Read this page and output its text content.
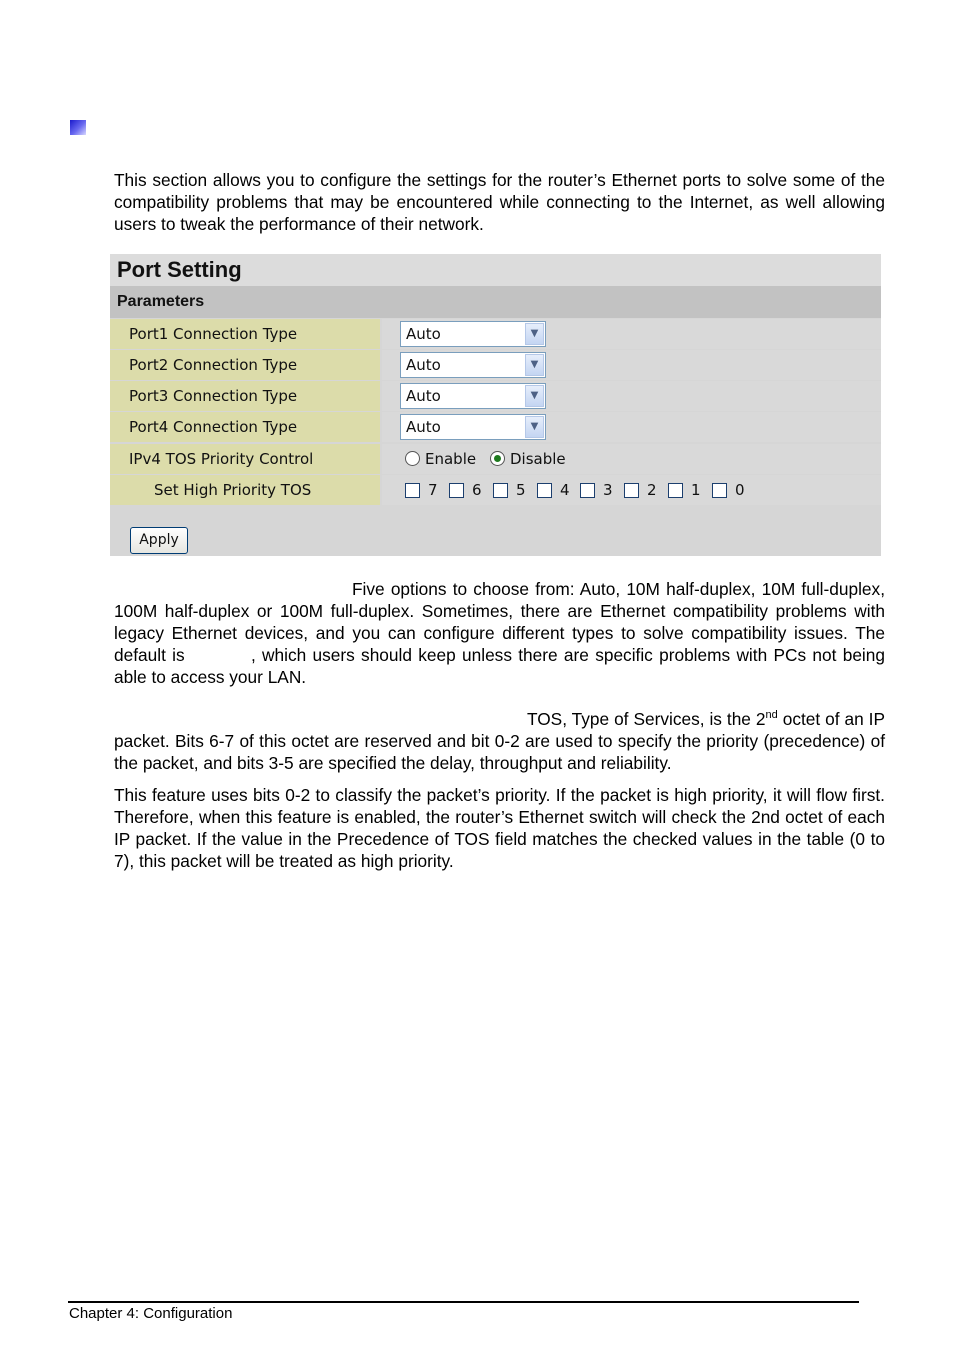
This section allows you to configure the settings for the router’s Ethernet ports to solve some of the compatibility problems that may be encountered while connecting to the Internet, as well allowing users to tweak the performance of their network.
Port Setting
Parameters
Port1 Connection Type	Auto	▼
Port2 Connection Type	Auto	▼
Port3 Connection Type	Auto	▼
Port4 Connection Type	Auto	▼
IPv4 TOS Priority Control	Enable Disable
Set High Priority TOS	7 6 5 4 3 2 1 0
Apply
Five options to choose from: Auto, 10M half-duplex, 10M full-duplex, 100M half-duplex or 100M full-duplex. Sometimes, there are Ethernet compatibility problems with legacy Ethernet devices, and you can configure different types to solve compatibility issues. The default is	, which users should keep unless there are specific problems with PCs not being able to access your LAN.
TOS, Type of Services, is the 2nd octet of an IP packet. Bits 6-7 of this octet are reserved and bit 0-2 are used to specify the priority (precedence) of the packet, and bits 3-5 are specified the delay, throughput and reliability.
This feature uses bits 0-2 to classify the packet’s priority. If the packet is high priority, it will flow first. Therefore, when this feature is enabled, the router’s Ethernet switch will check the 2nd octet of each IP packet. If the value in the Precedence of TOS field matches the checked values in the table (0 to 7), this packet will be treated as high priority.
Chapter 4: Configuration
